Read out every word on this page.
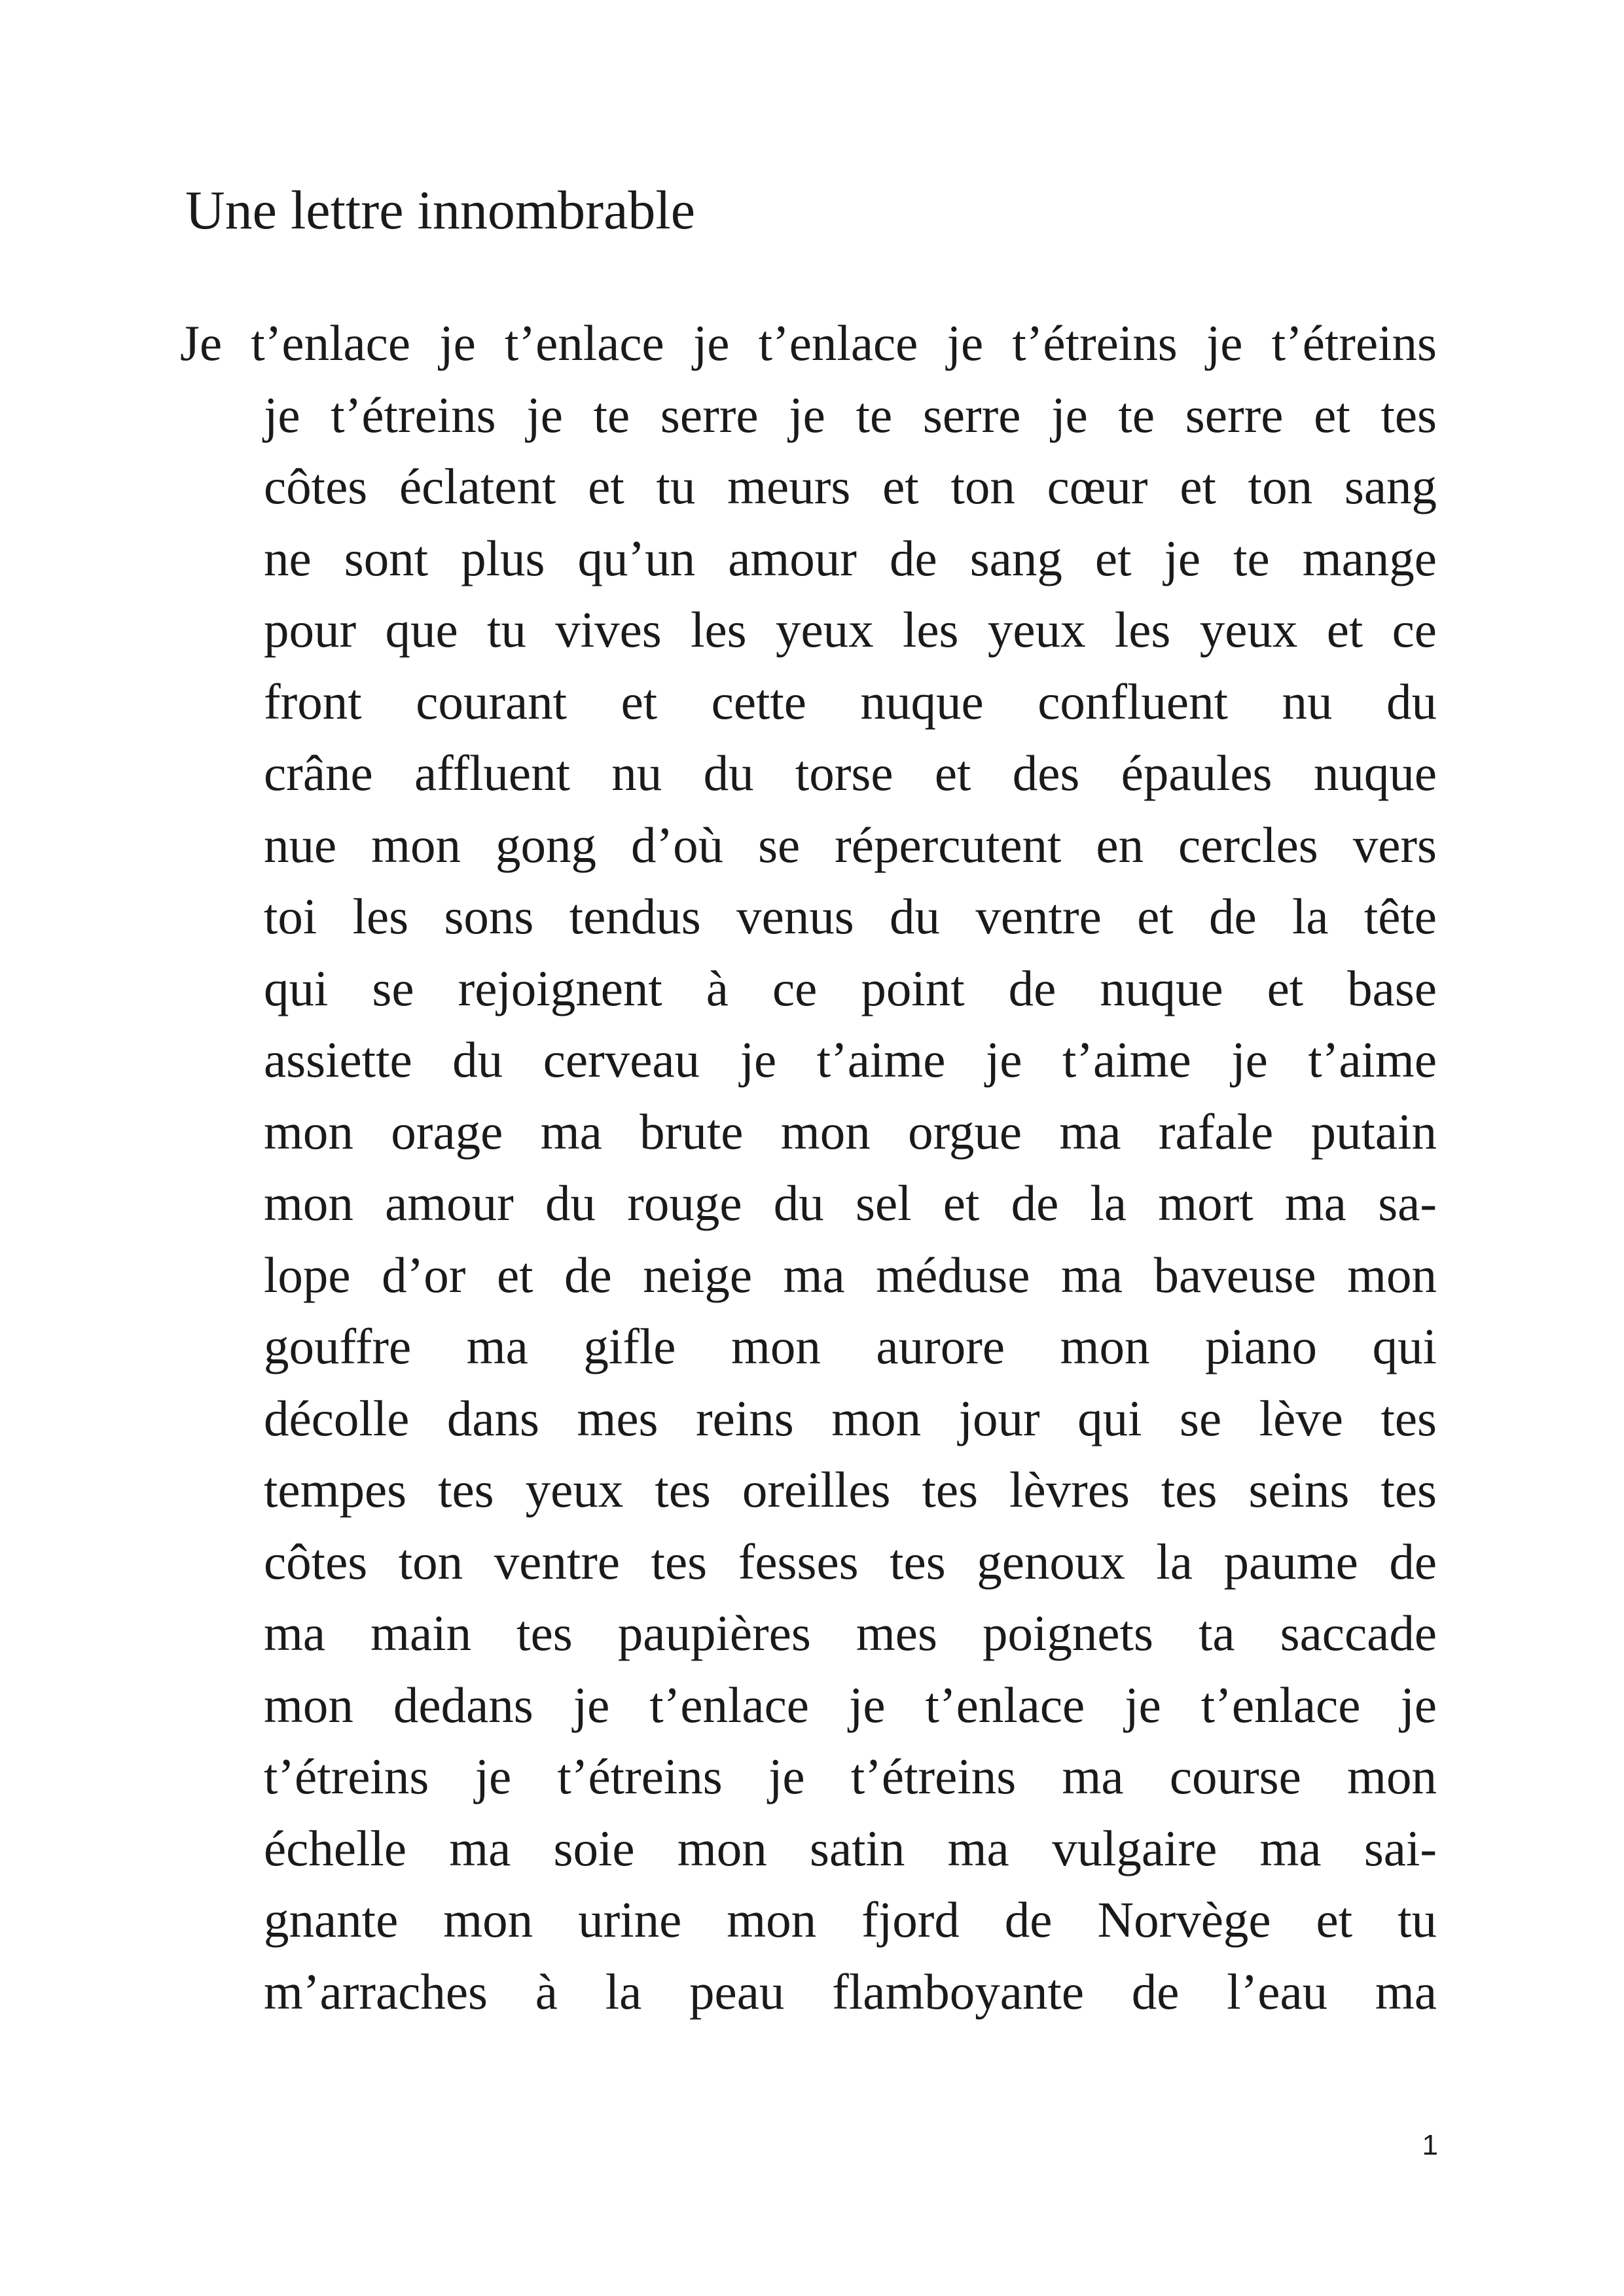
Une lettre innombrable
Je t’enlace je t’enlace je t’enlace je t’étreins je t’étreins
je t’étreins je te serre je te serre je te serre et tes
côtes éclatent et tu meurs et ton cœur et ton sang
ne sont plus qu’un amour de sang et je te mange
pour que tu vives les yeux les yeux les yeux et ce
front courant et cette nuque confluent nu du
crâne affluent nu du torse et des épaules nuque
nue mon gong d’où se répercutent en cercles vers
toi les sons tendus venus du ventre et de la tête
qui se rejoignent à ce point de nuque et base
assiette du cerveau je t’aime je t’aime je t’aime
mon orage ma brute mon orgue ma rafale putain
mon amour du rouge du sel et de la mort ma sa-
lope d’or et de neige ma méduse ma baveuse mon
gouffre ma gifle mon aurore mon piano qui
décolle dans mes reins mon jour qui se lève tes
tempes tes yeux tes oreilles tes lèvres tes seins tes
côtes ton ventre tes fesses tes genoux la paume de
ma main tes paupières mes poignets ta saccade
mon dedans je t’enlace je t’enlace je t’enlace je
t’étreins je t’étreins je t’étreins ma course mon
échelle ma soie mon satin ma vulgaire ma sai-
gnante mon urine mon fjord de Norvège et tu
m’arraches à la peau flamboyante de l’eau ma

1
